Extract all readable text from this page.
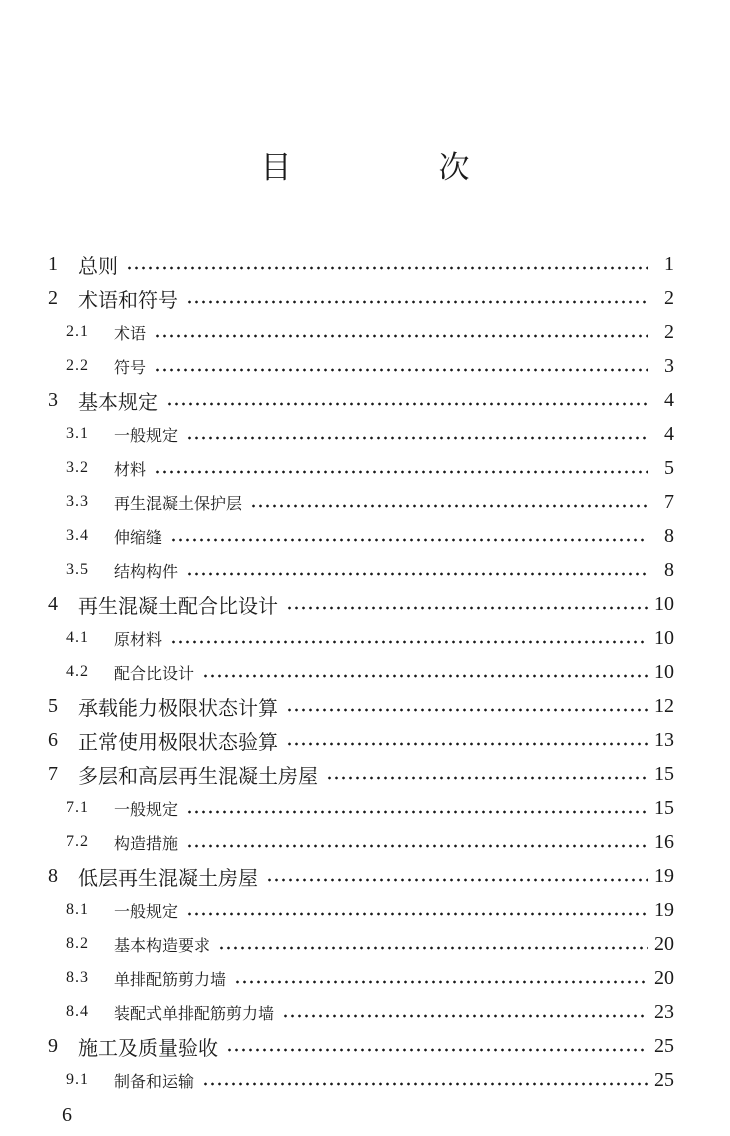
目　次
1	总则	1
2	术语和符号	2
2.1	术语	2
2.2	符号	3
3	基本规定	4
3.1	一般规定	4
3.2	材料	5
3.3	再生混凝土保护层	7
3.4	伸缩缝	8
3.5	结构构件	8
4	再生混凝土配合比设计	10
4.1	原材料	10
4.2	配合比设计	10
5	承载能力极限状态计算	12
6	正常使用极限状态验算	13
7	多层和高层再生混凝土房屋	15
7.1	一般规定	15
7.2	构造措施	16
8	低层再生混凝土房屋	19
8.1	一般规定	19
8.2	基本构造要求	20
8.3	单排配筋剪力墙	20
8.4	装配式单排配筋剪力墙	23
9	施工及质量验收	25
9.1	制备和运输	25
6
